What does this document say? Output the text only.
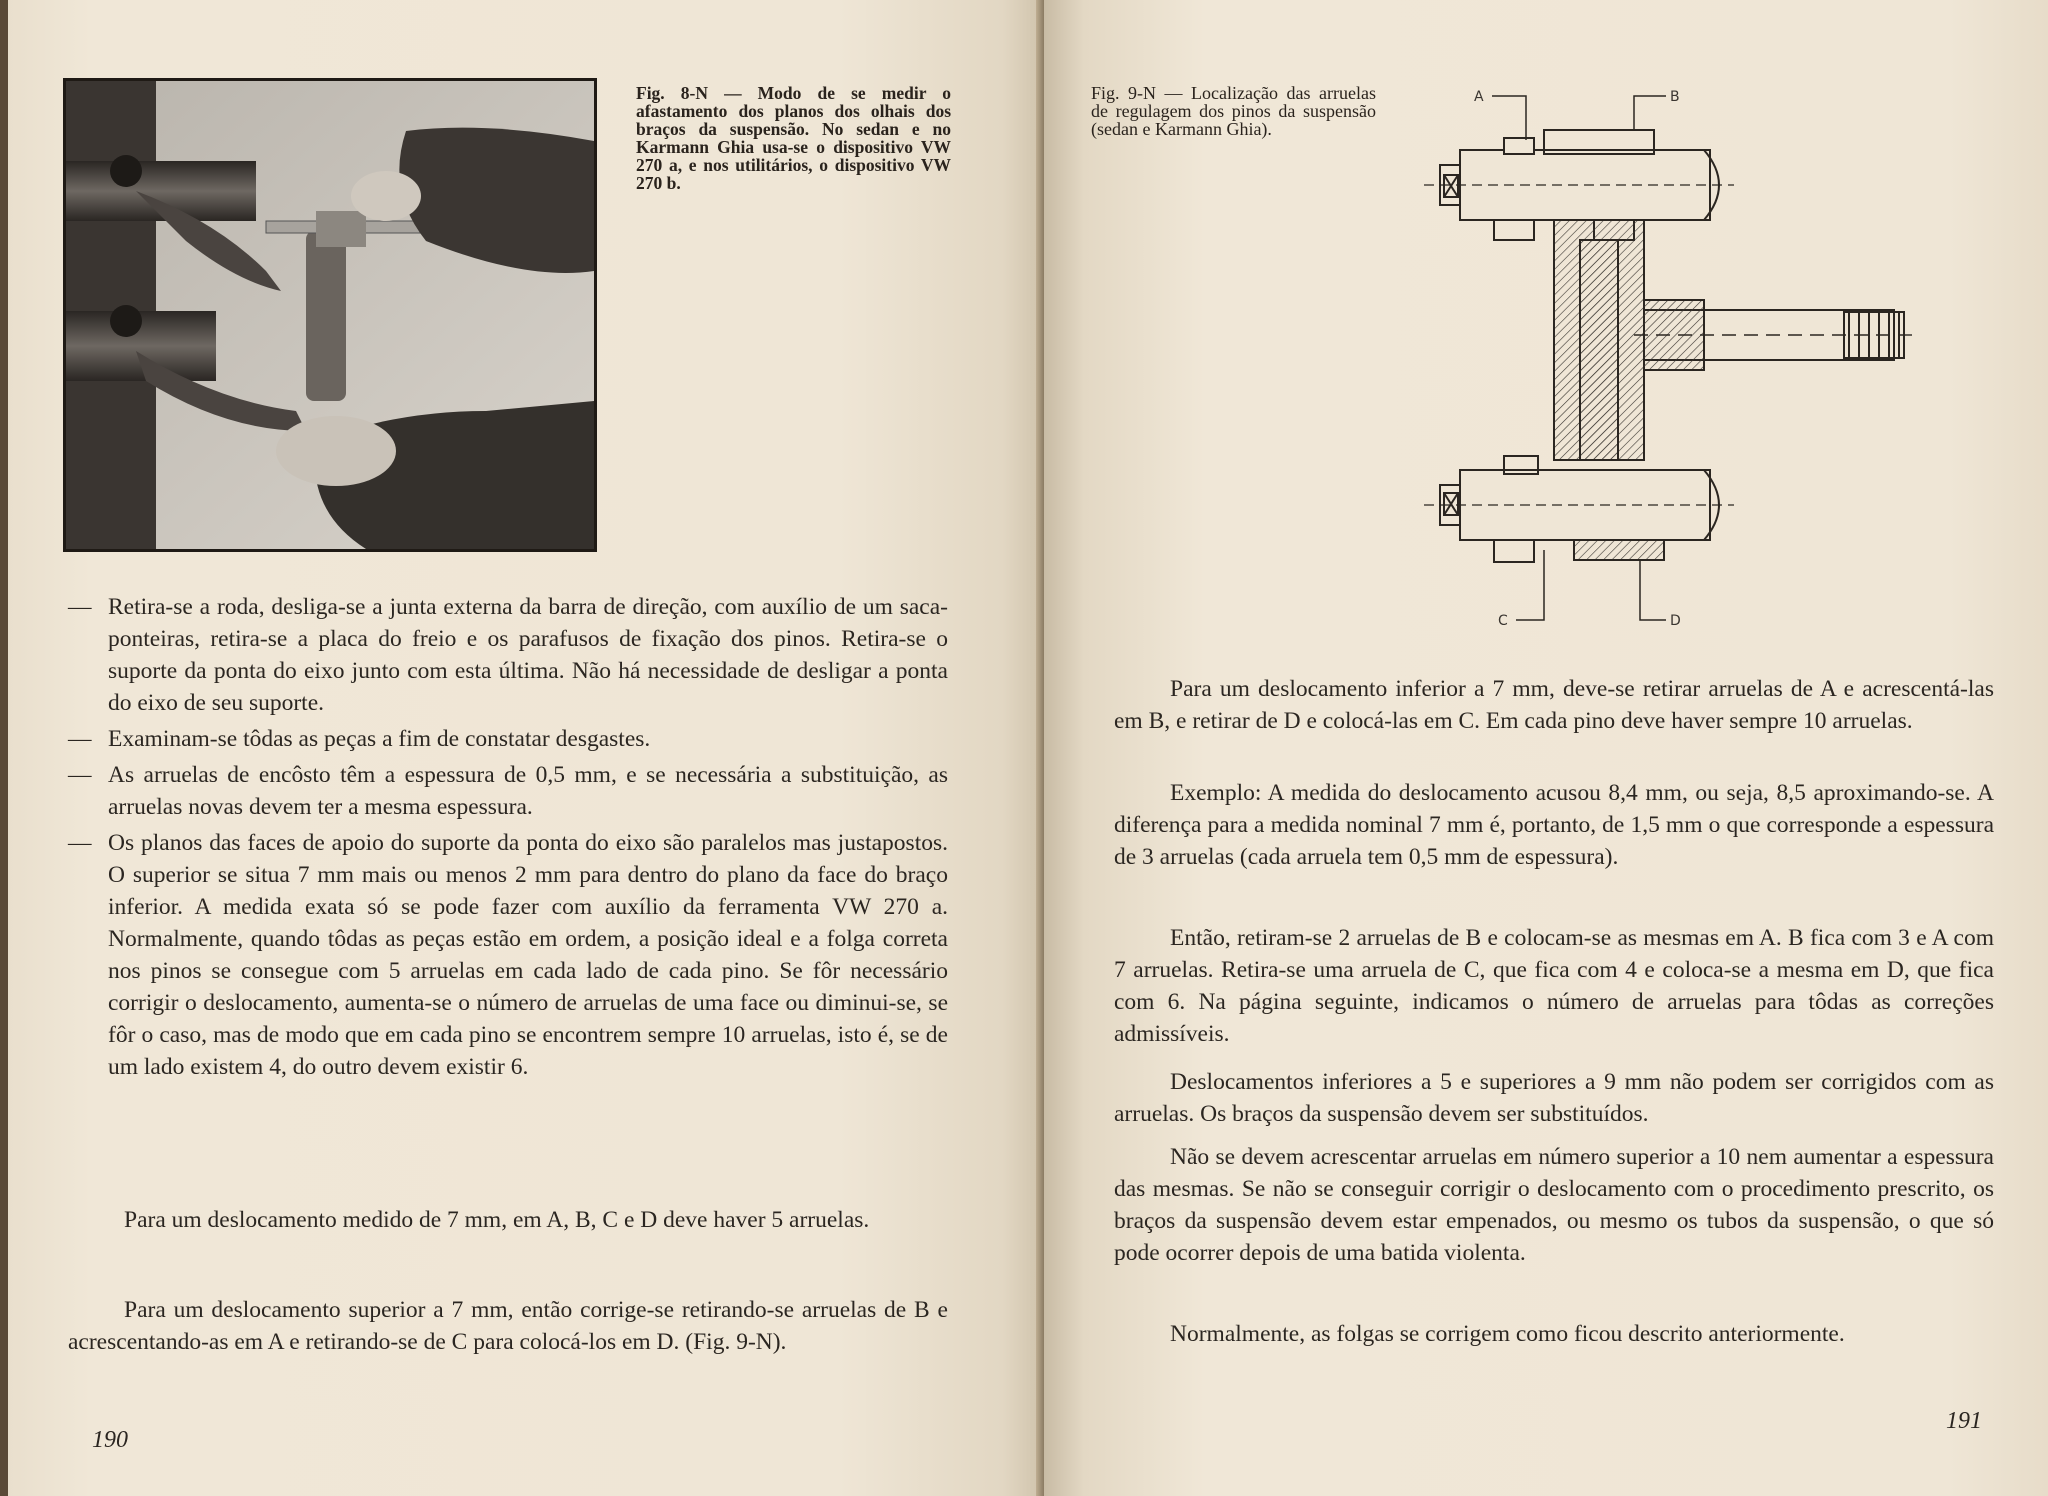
Fig. 8-N — Modo de se medir o afastamento dos planos dos olhais dos braços da suspensão. No sedan e no Karmann Ghia usa-se o dispositivo VW 270 a, e nos utilitários, o dispositivo VW 270 b.
— Retira-se a roda, desliga-se a junta externa da barra de direção, com auxílio de um saca-ponteiras, retira-se a placa do freio e os parafusos de fixação dos pinos. Retira-se o suporte da ponta do eixo junto com esta última. Não há necessidade de desligar a ponta do eixo de seu suporte.
— Examinam-se tôdas as peças a fim de constatar desgastes.
— As arruelas de encôsto têm a espessura de 0,5 mm, e se necessária a substituição, as arruelas novas devem ter a mesma espessura.
— Os planos das faces de apoio do suporte da ponta do eixo são paralelos mas justapostos. O superior se situa 7 mm mais ou menos 2 mm para dentro do plano da face do braço inferior. A medida exata só se pode fazer com auxílio da ferramenta VW 270 a. Normalmente, quando tôdas as peças estão em ordem, a posição ideal e a folga correta nos pinos se consegue com 5 arruelas em cada lado de cada pino. Se fôr necessário corrigir o deslocamento, aumenta-se o número de arruelas de uma face ou diminui-se, se fôr o caso, mas de modo que em cada pino se encontrem sempre 10 arruelas, isto é, se de um lado existem 4, do outro devem existir 6.

Para um deslocamento medido de 7 mm, em A, B, C e D deve haver 5 arruelas.

Para um deslocamento superior a 7 mm, então corrige-se retirando-se arruelas de B e acrescentando-as em A e retirando-se de C para colocá-los em D. (Fig. 9-N).

190
Fig. 9-N — Localização das arruelas de regulagem dos pinos da suspensão (sedan e Karmann Ghia).
A	B
C	D

Para um deslocamento inferior a 7 mm, deve-se retirar arruelas de A e acrescentá-las em B, e retirar de D e colocá-las em C. Em cada pino deve haver sempre 10 arruelas.

Exemplo: A medida do deslocamento acusou 8,4 mm, ou seja, 8,5 aproximando-se. A diferença para a medida nominal 7 mm é, portanto, de 1,5 mm o que corresponde a espessura de 3 arruelas (cada arruela tem 0,5 mm de espessura).

Então, retiram-se 2 arruelas de B e colocam-se as mesmas em A. B fica com 3 e A com 7 arruelas. Retira-se uma arruela de C, que fica com 4 e coloca-se a mesma em D, que fica com 6. Na página seguinte, indicamos o número de arruelas para tôdas as correções admissíveis.

Deslocamentos inferiores a 5 e superiores a 9 mm não podem ser corrigidos com as arruelas. Os braços da suspensão devem ser substituídos.

Não se devem acrescentar arruelas em número superior a 10 nem aumentar a espessura das mesmas. Se não se conseguir corrigir o deslocamento com o procedimento prescrito, os braços da suspensão devem estar empenados, ou mesmo os tubos da suspensão, o que só pode ocorrer depois de uma batida violenta.

Normalmente, as folgas se corrigem como ficou descrito anteriormente.

191
